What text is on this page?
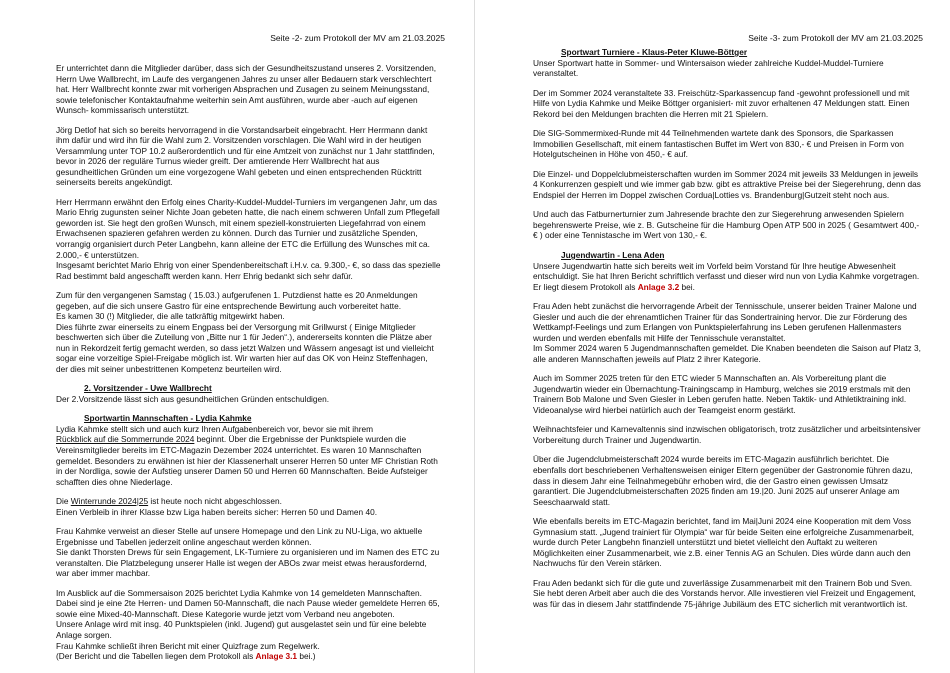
Seite -2- zum Protokoll der MV am 21.03.2025

Er unterrichtet dann die Mitglieder darüber, dass sich der Gesundheitszustand unseres 2. Vorsitzenden, Herrn Uwe Wallbrecht, im Laufe des vergangenen Jahres zu unser aller Bedauern stark verschlechtert hat. Herr Wallbrecht konnte zwar mit vorherigen Absprachen und Zusagen zu seinem Meinungsstand, sowie telefonischer Kontaktaufnahme weiterhin sein Amt ausführen, wurde aber -auch auf eigenen Wunsch- kommissarisch unterstützt.

Jörg Detlof hat sich so bereits hervorragend in die Vorstandsarbeit eingebracht. Herr Herrmann dankt ihm dafür und wird ihn für die Wahl zum 2. Vorsitzenden vorschlagen. Die Wahl wird in der heutigen Versammlung unter TOP 10.2 außerordentlich und für eine Amtzeit von zunächst nur 1 Jahr stattfinden, bevor in 2026 der reguläre Turnus wieder greift. Der amtierende Herr Wallbrecht hat aus gesundheitlichen Gründen um eine vorgezogene Wahl gebeten und einen entsprechenden Rücktritt seinerseits bereits angekündigt.

Herr Herrmann erwähnt den Erfolg eines Charity-Kuddel-Muddel-Turniers im vergangenen Jahr, um das Mario Ehrig zugunsten seiner Nichte Joan gebeten hatte, die nach einem schweren Unfall zum Pflegefall geworden ist. Sie hegt den großen Wunsch, mit einem speziell-konstruierten Liegefahrrad von einem Erwachsenen spazieren gefahren werden zu können. Durch das Turnier und zusätzliche Spenden, vorrangig organisiert durch Peter Langbehn, kann alleine der ETC die Erfüllung des Wunsches mit ca. 2.000,- € unterstützen.
Insgesamt berichtet Mario Ehrig von einer Spendenbereitschaft i.H.v. ca. 9.300,- €, so dass das spezielle Rad bestimmt bald angeschafft werden kann. Herr Ehrig bedankt sich sehr dafür.

Zum für den vergangenen Samstag ( 15.03.) aufgerufenen 1. Putzdienst hatte es 20 Anmeldungen gegeben, auf die sich unsere Gastro für eine entsprechende Bewirtung auch vorbereitet hatte.
Es kamen 30 (!) Mitglieder, die alle tatkräftig mitgewirkt haben.
Dies führte zwar einerseits zu einem Engpass bei der Versorgung mit Grillwurst ( Einige Mitglieder beschwerten sich über die Zuteilung von „Bitte nur 1 für Jeden“.), andererseits konnten die Plätze aber nun in Rekordzeit fertig gemacht werden, so dass jetzt Walzen und Wässern angesagt ist und vielleicht sogar eine vorzeitige Spiel-Freigabe möglich ist. Wir warten hier auf das OK von Heinz Steffenhagen, der dies mit seiner unbestrittenen Kompetenz beurteilen wird.

2. Vorsitzender - Uwe Wallbrecht

Der 2.Vorsitzende lässt sich aus gesundheitlichen Gründen entschuldigen.

Sportwartin Mannschaften - Lydia Kahmke

Lydia Kahmke stellt sich und auch kurz Ihren Aufgabenbereich vor, bevor sie mit ihrem
Rückblick auf die Sommerrunde 2024 beginnt. Über die Ergebnisse der Punktspiele wurden die Vereinsmitglieder bereits im ETC-Magazin Dezember 2024 unterrichtet. Es waren 10 Mannschaften gemeldet. Besonders zu erwähnen ist hier der Klassenerhalt unserer Herren 50 unter MF Christian Roth in der Nordliga, sowie der Aufstieg unserer Damen 50 und Herren 60 Mannschaften. Beide Aufsteiger schafften dies ohne Niederlage.

Die Winterrunde 2024|25 ist heute noch nicht abgeschlossen.
Einen Verbleib in ihrer Klasse bzw Liga haben bereits sicher: Herren 50 und Damen 40.

Frau Kahmke verweist an dieser Stelle auf unsere Homepage und den Link zu NU-Liga, wo aktuelle Ergebnisse und Tabellen jederzeit online angeschaut werden können.
Sie dankt Thorsten Drews für sein Engagement, LK-Turniere zu organisieren und im Namen des ETC zu veranstalten. Die Platzbelegung unserer Halle ist wegen der ABOs zwar meist etwas herausfordernd, war aber immer machbar.

Im Ausblick auf die Sommersaison 2025 berichtet Lydia Kahmke von 14 gemeldeten Mannschaften. Dabei sind je eine 2te Herren- und Damen 50-Mannschaft, die nach Pause wieder gemeldete Herren 65, sowie eine Mixed-40-Mannschaft. Diese Kategorie wurde jetzt vom Verband neu angeboten.
Unsere Anlage wird mit insg. 40 Punktspielen (inkl. Jugend) gut ausgelastet sein und für eine belebte Anlage sorgen.
Frau Kahmke schließt ihren Bericht mit einer Quizfrage zum Regelwerk.
(Der Bericht und die Tabellen liegen dem Protokoll als Anlage 3.1 bei.)

Seite -3- zum Protokoll der MV am 21.03.2025
Sportwart Turniere - Klaus-Peter Kluwe-Böttger

Unser Sportwart hatte in Sommer- und Wintersaison wieder zahlreiche Kuddel-Muddel-Turniere veranstaltet.

Der im Sommer 2024 veranstaltete 33. Freischütz-Sparkassencup fand -gewohnt professionell und mit Hilfe von Lydia Kahmke und Meike Böttger organisiert- mit zuvor erhaltenen 47 Meldungen statt. Einen Rekord bei den Meldungen brachten die Herren mit 21 Spielern.

Die SIG-Sommermixed-Runde mit 44 Teilnehmenden wartete dank des Sponsors, die Sparkassen Immobilien Gesellschaft, mit einem fantastischen Buffet im Wert von 830,- € und Preisen in Form von Hotelgutscheinen in Höhe von 450,- € auf.

Die Einzel- und Doppelclubmeisterschaften wurden im Sommer 2024 mit jeweils 33 Meldungen in jeweils 4 Konkurrenzen gespielt und wie immer gab bzw. gibt es attraktive Preise bei der Siegerehrung, denn das Endspiel der Herren im Doppel zwischen Cordua|Lotties vs. Brandenburg|Gutzeit steht noch aus.

Und auch das Fatburnerturnier zum Jahresende brachte den zur Siegerehrung anwesenden Spielern begehrenswerte Preise, wie z. B. Gutscheine für die Hamburg Open ATP 500 in 2025 ( Gesamtwert 400,- € ) oder eine Tennistasche im Wert von 130,- €.

Jugendwartin - Lena Aden

Unsere Jugendwartin hatte sich bereits weit im Vorfeld beim Vorstand für Ihre heutige Abwesenheit entschuldigt. Sie hat Ihren Bericht schriftlich verfasst und dieser wird nun von Lydia Kahmke vorgetragen.
Er liegt diesem Protokoll als Anlage 3.2 bei.

Frau Aden hebt zunächst die hervorragende Arbeit der Tennisschule, unserer beiden Trainer Malone und Giesler und auch die der ehrenamtlichen Trainer für das Sondertraining hervor. Die zur Förderung des Wettkampf-Feelings und zum Erlangen von Punktspielerfahrung ins Leben gerufenen Hallenmasters wurden und werden ebenfalls mit Hilfe der Tennisschule veranstaltet.
Im Sommer 2024 waren 5 Jugendmannschaften gemeldet. Die Knaben beendeten die Saison auf Platz 3, alle anderen Mannschaften jeweils auf Platz 2 ihrer Kategorie.

Auch im Sommer 2025 treten für den ETC wieder 5 Mannschaften an. Als Vorbereitung plant die Jugendwartin wieder ein Übernachtung-Trainingscamp in Hamburg, welches sie 2019 erstmals mit den Trainern Bob Malone und Sven Giesler in Leben gerufen hatte. Neben Taktik- und Athletiktraining inkl. Videoanalyse wird hierbei natürlich auch der Teamgeist enorm gestärkt.

Weihnachtsfeier und Karnevaltennis sind inzwischen obligatorisch, trotz zusätzlicher und arbeitsintensiver Vorbereitung durch Trainer und Jugendwartin.

Über die Jugendclubmeisterschaft 2024 wurde bereits im ETC-Magazin ausführlich berichtet. Die ebenfalls dort beschriebenen Verhaltensweisen einiger Eltern gegenüber der Gastronomie führen dazu, dass in diesem Jahr eine Teilnahmegebühr erhoben wird, die der Gastro einen gewissen Umsatz garantiert. Die Jugendclubmeisterschaften 2025 finden am 19.|20. Juni 2025 auf unserer Anlage am Seeschaarwald statt.

Wie ebenfalls bereits im ETC-Magazin berichtet, fand im Mai|Juni 2024 eine Kooperation mit dem Voss Gymnasium statt. „Jugend trainiert für Olympia“ war für beide Seiten eine erfolgreiche Zusammenarbeit, wurde durch Peter Langbehn finanziell unterstützt und bietet vielleicht den Auftakt zu weiteren Möglichkeiten einer Zusammenarbeit, wie z.B. einer Tennis AG an Schulen. Dies würde dann auch den Nachwuchs für den Verein stärken.

Frau Aden bedankt sich für die gute und zuverlässige Zusammenarbeit mit den Trainern Bob und Sven. Sie hebt deren Arbeit aber auch die des Vorstands hervor. Alle investieren viel Freizeit und Engagement, was für das in diesem Jahr stattfindende 75-jährige Jubiläum des ETC sicherlich mit verantwortlich ist.
